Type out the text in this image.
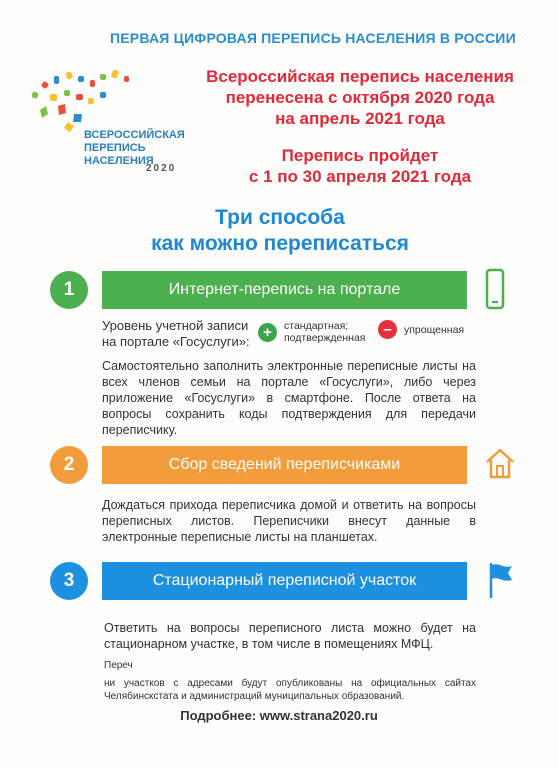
ПЕРВАЯ ЦИФРОВАЯ ПЕРЕПИСЬ НАСЕЛЕНИЯ В РОССИИ
ВСЕРОССИЙСКАЯ
ПЕРЕПИСЬ
НАСЕЛЕНИЯ
2020
Всероссийская перепись населения
перенесена с октября 2020 года
на апрель 2021 года
Перепись пройдет
с 1 по 30 апреля 2021 года
Три способа
как можно переписаться
1	Интернет-перепись на портале
Уровень учетной записи
на портале «Госуслуги»:
+	стандартная;
подтвержденная	–	упрощенная
Самостоятельно заполнить электронные переписные листы на всех членов семьи на портале «Госуслуги», либо через приложение «Госуслуги» в смартфоне. После ответа на вопросы сохранить коды подтверждения для передачи переписчику.
2	Сбор сведений переписчиками
Дождаться прихода переписчика домой и ответить на вопросы переписных листов. Переписчики внесут данные в электронные переписные листы на планшетах.
3	Стационарный переписной участок
Ответить на вопросы переписного листа можно будет на стационарном участке, в том числе в помещениях МФЦ.
Переч
ни участков с адресами будут опубликованы на официальных сайтах Челябинскстата и администраций муниципальных образований.
Подробнее: www.strana2020.ru
